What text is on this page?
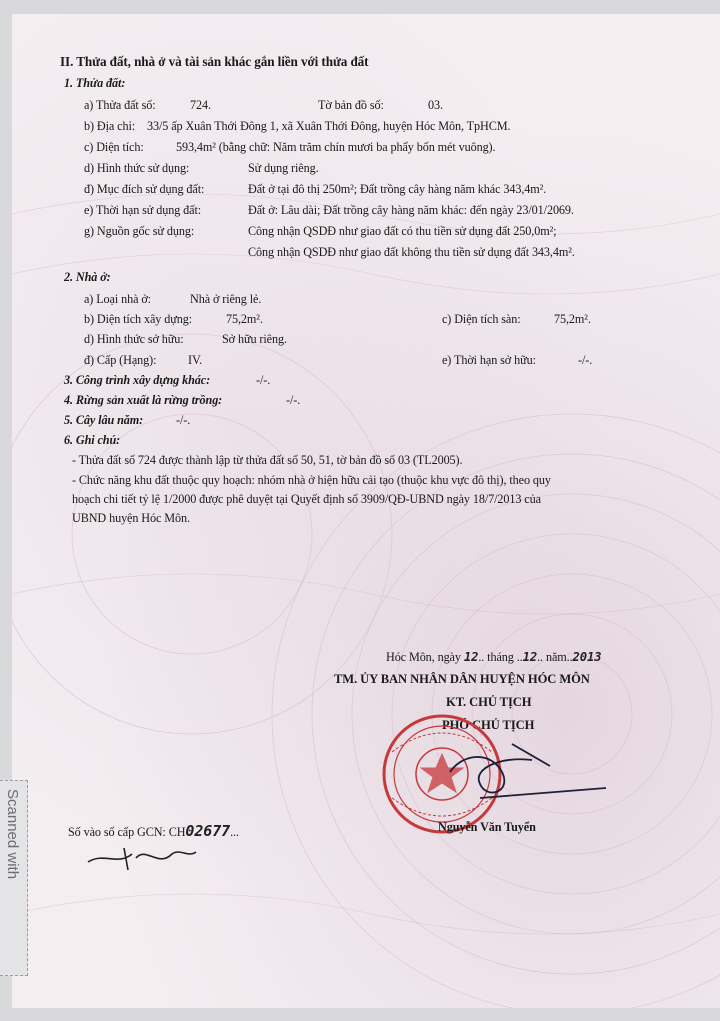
II. Thửa đất, nhà ở và tài sản khác gắn liền với thửa đất
1. Thửa đất:
a) Thửa đất số:	724.	Tờ bản đồ số:	03.
b) Địa chỉ: 33/5 ấp Xuân Thới Đông 1, xã Xuân Thới Đông, huyện Hóc Môn, TpHCM.
c) Diện tích:	593,4m² (bằng chữ: Năm trăm chín mươi ba phẩy bốn mét vuông).
d) Hình thức sử dụng:	Sử dụng riêng.
đ) Mục đích sử dụng đất:	Đất ở tại đô thị 250m²; Đất trồng cây hàng năm khác 343,4m².
e) Thời hạn sử dụng đất:	Đất ở: Lâu dài; Đất trồng cây hàng năm khác: đến ngày 23/01/2069.
g) Nguồn gốc sử dụng:	Công nhận QSDĐ như giao đất có thu tiền sử dụng đất 250,0m²;
Công nhận QSDĐ như giao đất không thu tiền sử dụng đất 343,4m².
2. Nhà ở:
a) Loại nhà ở:	Nhà ở riêng lẻ.
b) Diện tích xây dựng:	75,2m².	c) Diện tích sàn:	75,2m².
d) Hình thức sở hữu:	Sở hữu riêng.
đ) Cấp (Hạng):	IV.	e) Thời hạn sở hữu:	-/-.
3. Công trình xây dựng khác:	-/-.
4. Rừng sản xuất là rừng trồng:	-/-.
5. Cây lâu năm:	-/-.
6. Ghi chú:
- Thửa đất số 724 được thành lập từ thửa đất số 50, 51, tờ bản đồ số 03 (TL2005).
- Chức năng khu đất thuộc quy hoạch: nhóm nhà ở hiện hữu cải tạo (thuộc khu vực đô thị), theo quy
hoạch chi tiết tỷ lệ 1/2000 được phê duyệt tại Quyết định số 3909/QĐ-UBND ngày 18/7/2013 của
UBND huyện Hóc Môn.
Hóc Môn, ngày 12.. tháng ..12.. năm..2013
TM. ỦY BAN NHÂN DÂN HUYỆN HÓC MÔN
KT. CHỦ TỊCH
PHÓ CHỦ TỊCH
Nguyễn Văn Tuyển
Số vào sổ cấp GCN: CH02677...
Scanned with
